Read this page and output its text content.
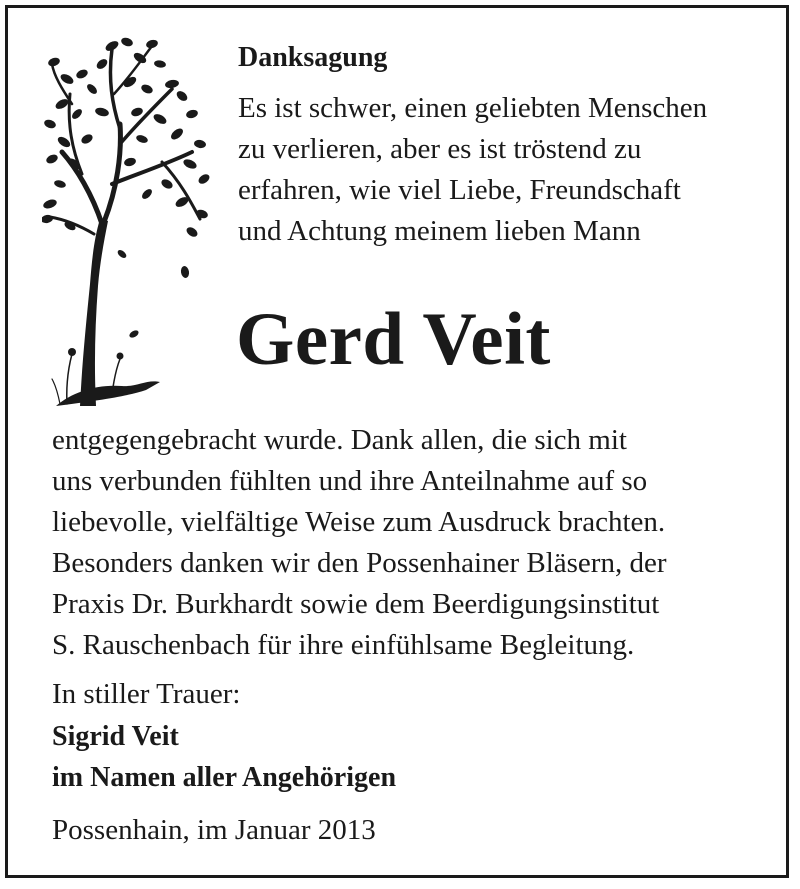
Danksagung
Es ist schwer, einen geliebten Menschen
zu verlieren, aber es ist tröstend zu
erfahren, wie viel Liebe, Freundschaft
und Achtung meinem lieben Mann
Gerd Veit
entgegengebracht wurde. Dank allen, die sich mit
uns verbunden fühlten und ihre Anteilnahme auf so
liebevolle, vielfältige Weise zum Ausdruck brachten.
Besonders danken wir den Possenhainer Bläsern, der
Praxis Dr. Burkhardt sowie dem Beerdigungsinstitut
S. Rauschenbach für ihre einfühlsame Begleitung.
In stiller Trauer:
Sigrid Veit
im Namen aller Angehörigen
Possenhain, im Januar 2013
